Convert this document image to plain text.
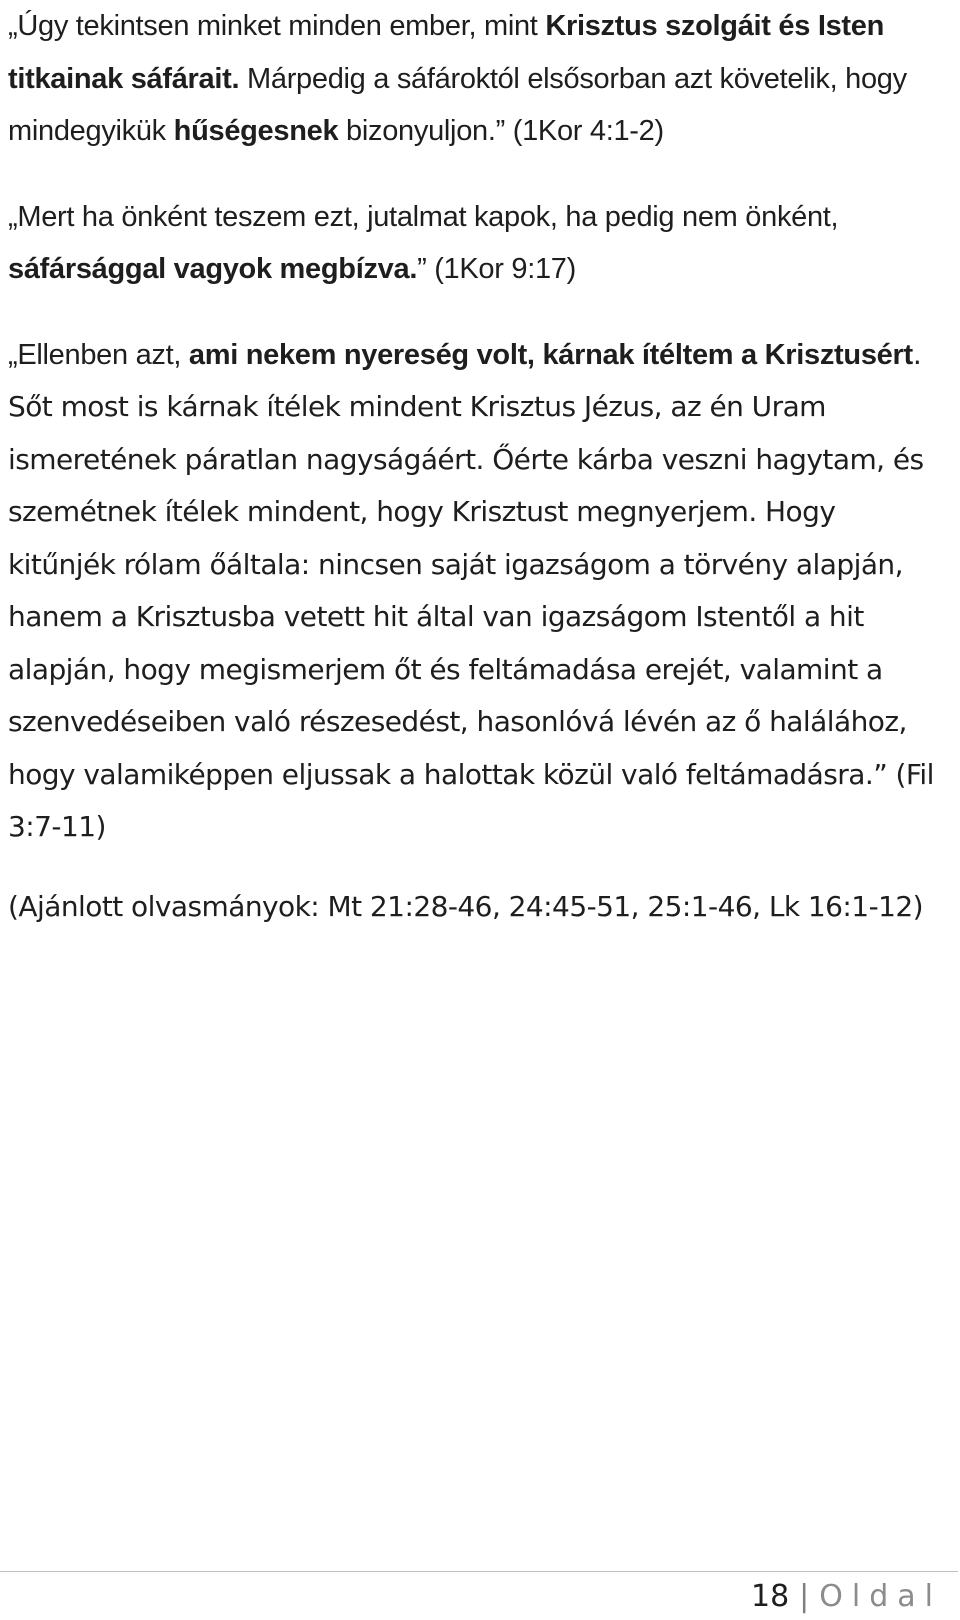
„Úgy tekintsen minket minden ember, mint Krisztus szolgáit és Isten titkainak sáfárait. Márpedig a sáfároktól elsősorban azt követelik, hogy mindegyikük hűségesnek bizonyuljon.” (1Kor 4:1-2)

„Mert ha önként teszem ezt, jutalmat kapok, ha pedig nem önként, sáfársággal vagyok megbízva.” (1Kor 9:17)

„Ellenben azt, ami nekem nyereség volt, kárnak ítéltem a Krisztusért. Sőt most is kárnak ítélek mindent Krisztus Jézus, az én Uram ismeretének páratlan nagyságáért. Őérte kárba veszni hagytam, és szemétnek ítélek mindent, hogy Krisztust megnyerjem. Hogy kitűnjék rólam őáltala: nincsen saját igazságom a törvény alapján, hanem a Krisztusba vetett hit által van igazságom Istentől a hit alapján, hogy megismerjem őt és feltámadása erejét, valamint a szenvedéseiben való részesedést, hasonlóvá lévén az ő halálához, hogy valamiképpen eljussak a halottak közül való feltámadásra.” (Fil 3:7-11)

(Ajánlott olvasmányok: Mt 21:28-46, 24:45-51, 25:1-46, Lk 16:1-12)

18 | Oldal
